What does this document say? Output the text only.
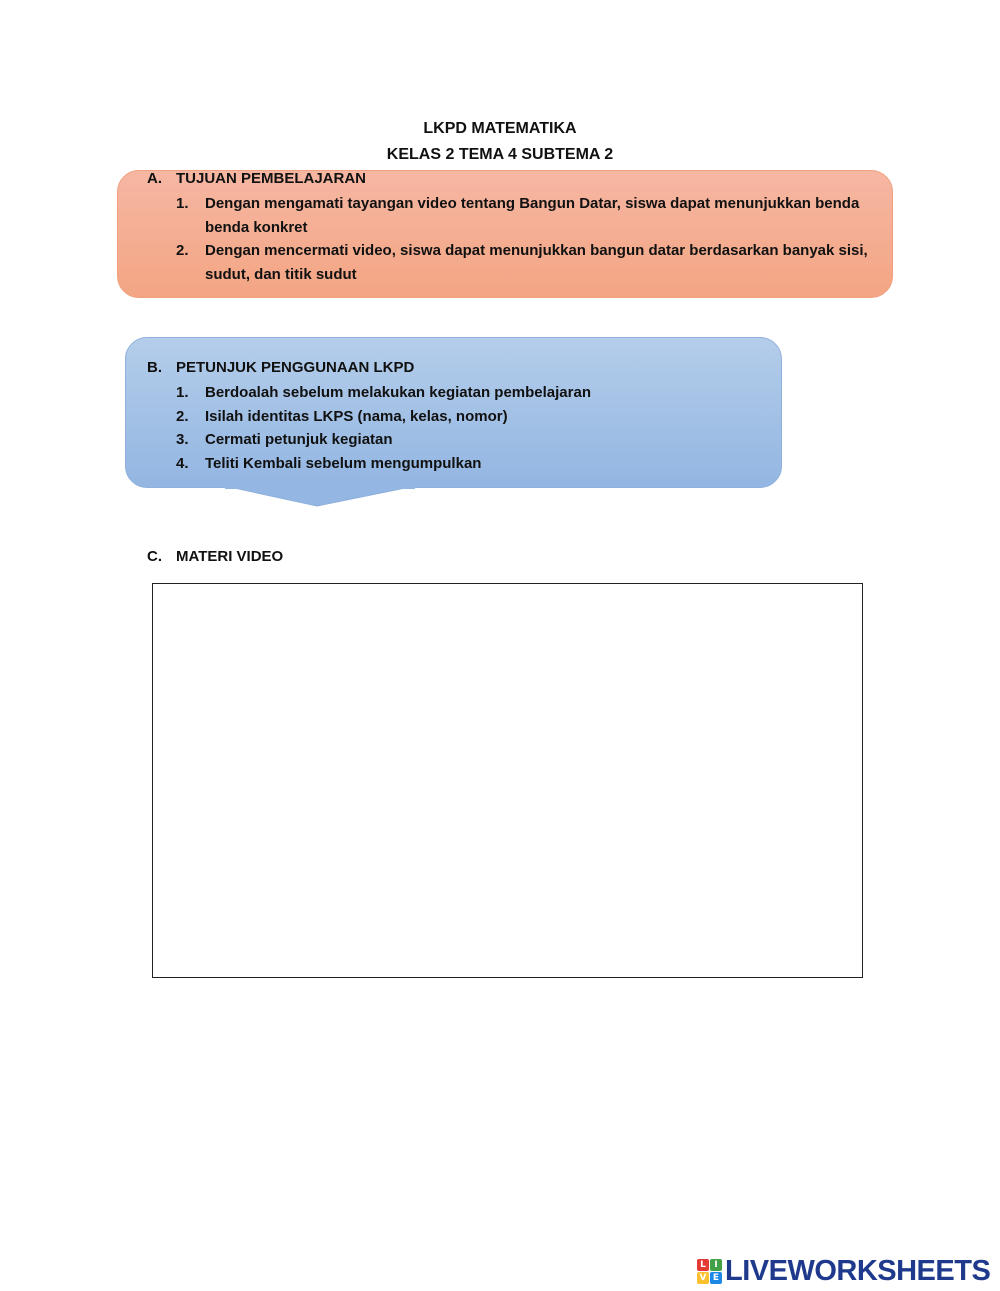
LKPD MATEMATIKA
KELAS 2 TEMA 4 SUBTEMA 2
A. TUJUAN PEMBELAJARAN
1. Dengan mengamati tayangan video tentang Bangun Datar, siswa dapat menunjukkan benda benda konkret
2. Dengan mencermati video, siswa dapat menunjukkan bangun datar berdasarkan banyak sisi, sudut, dan titik sudut
B. PETUNJUK PENGGUNAAN LKPD
1. Berdoalah sebelum melakukan kegiatan pembelajaran
2. Isilah identitas LKPS (nama, kelas, nomor)
3. Cermati petunjuk kegiatan
4. Teliti Kembali sebelum mengumpulkan
C. MATERI VIDEO
L I
V E LIVEWORKSHEETS
